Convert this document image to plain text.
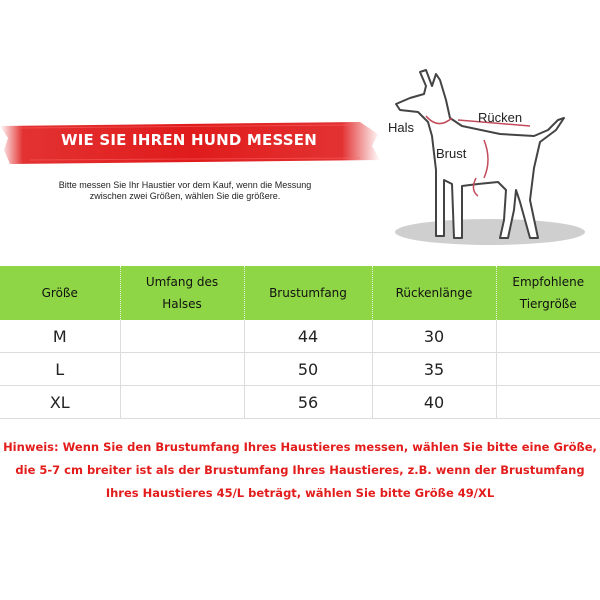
WIE SIE IHREN HUND MESSEN
Bitte messen Sie Ihr Haustier vor dem Kauf, wenn die Messung
zwischen zwei Größen, wählen Sie die größere.
Hals
Rücken
Brust
Größe	Umfang des Halses	Brustumfang	Rückenlänge	Empfohlene Tiergröße
M		44	30	
L		50	35	
XL		56	40	
Hinweis: Wenn Sie den Brustumfang Ihres Haustieres messen, wählen Sie bitte eine Größe,
die 5-7 cm breiter ist als der Brustumfang Ihres Haustieres, z.B. wenn der Brustumfang
Ihres Haustieres 45/L beträgt, wählen Sie bitte Größe 49/XL
